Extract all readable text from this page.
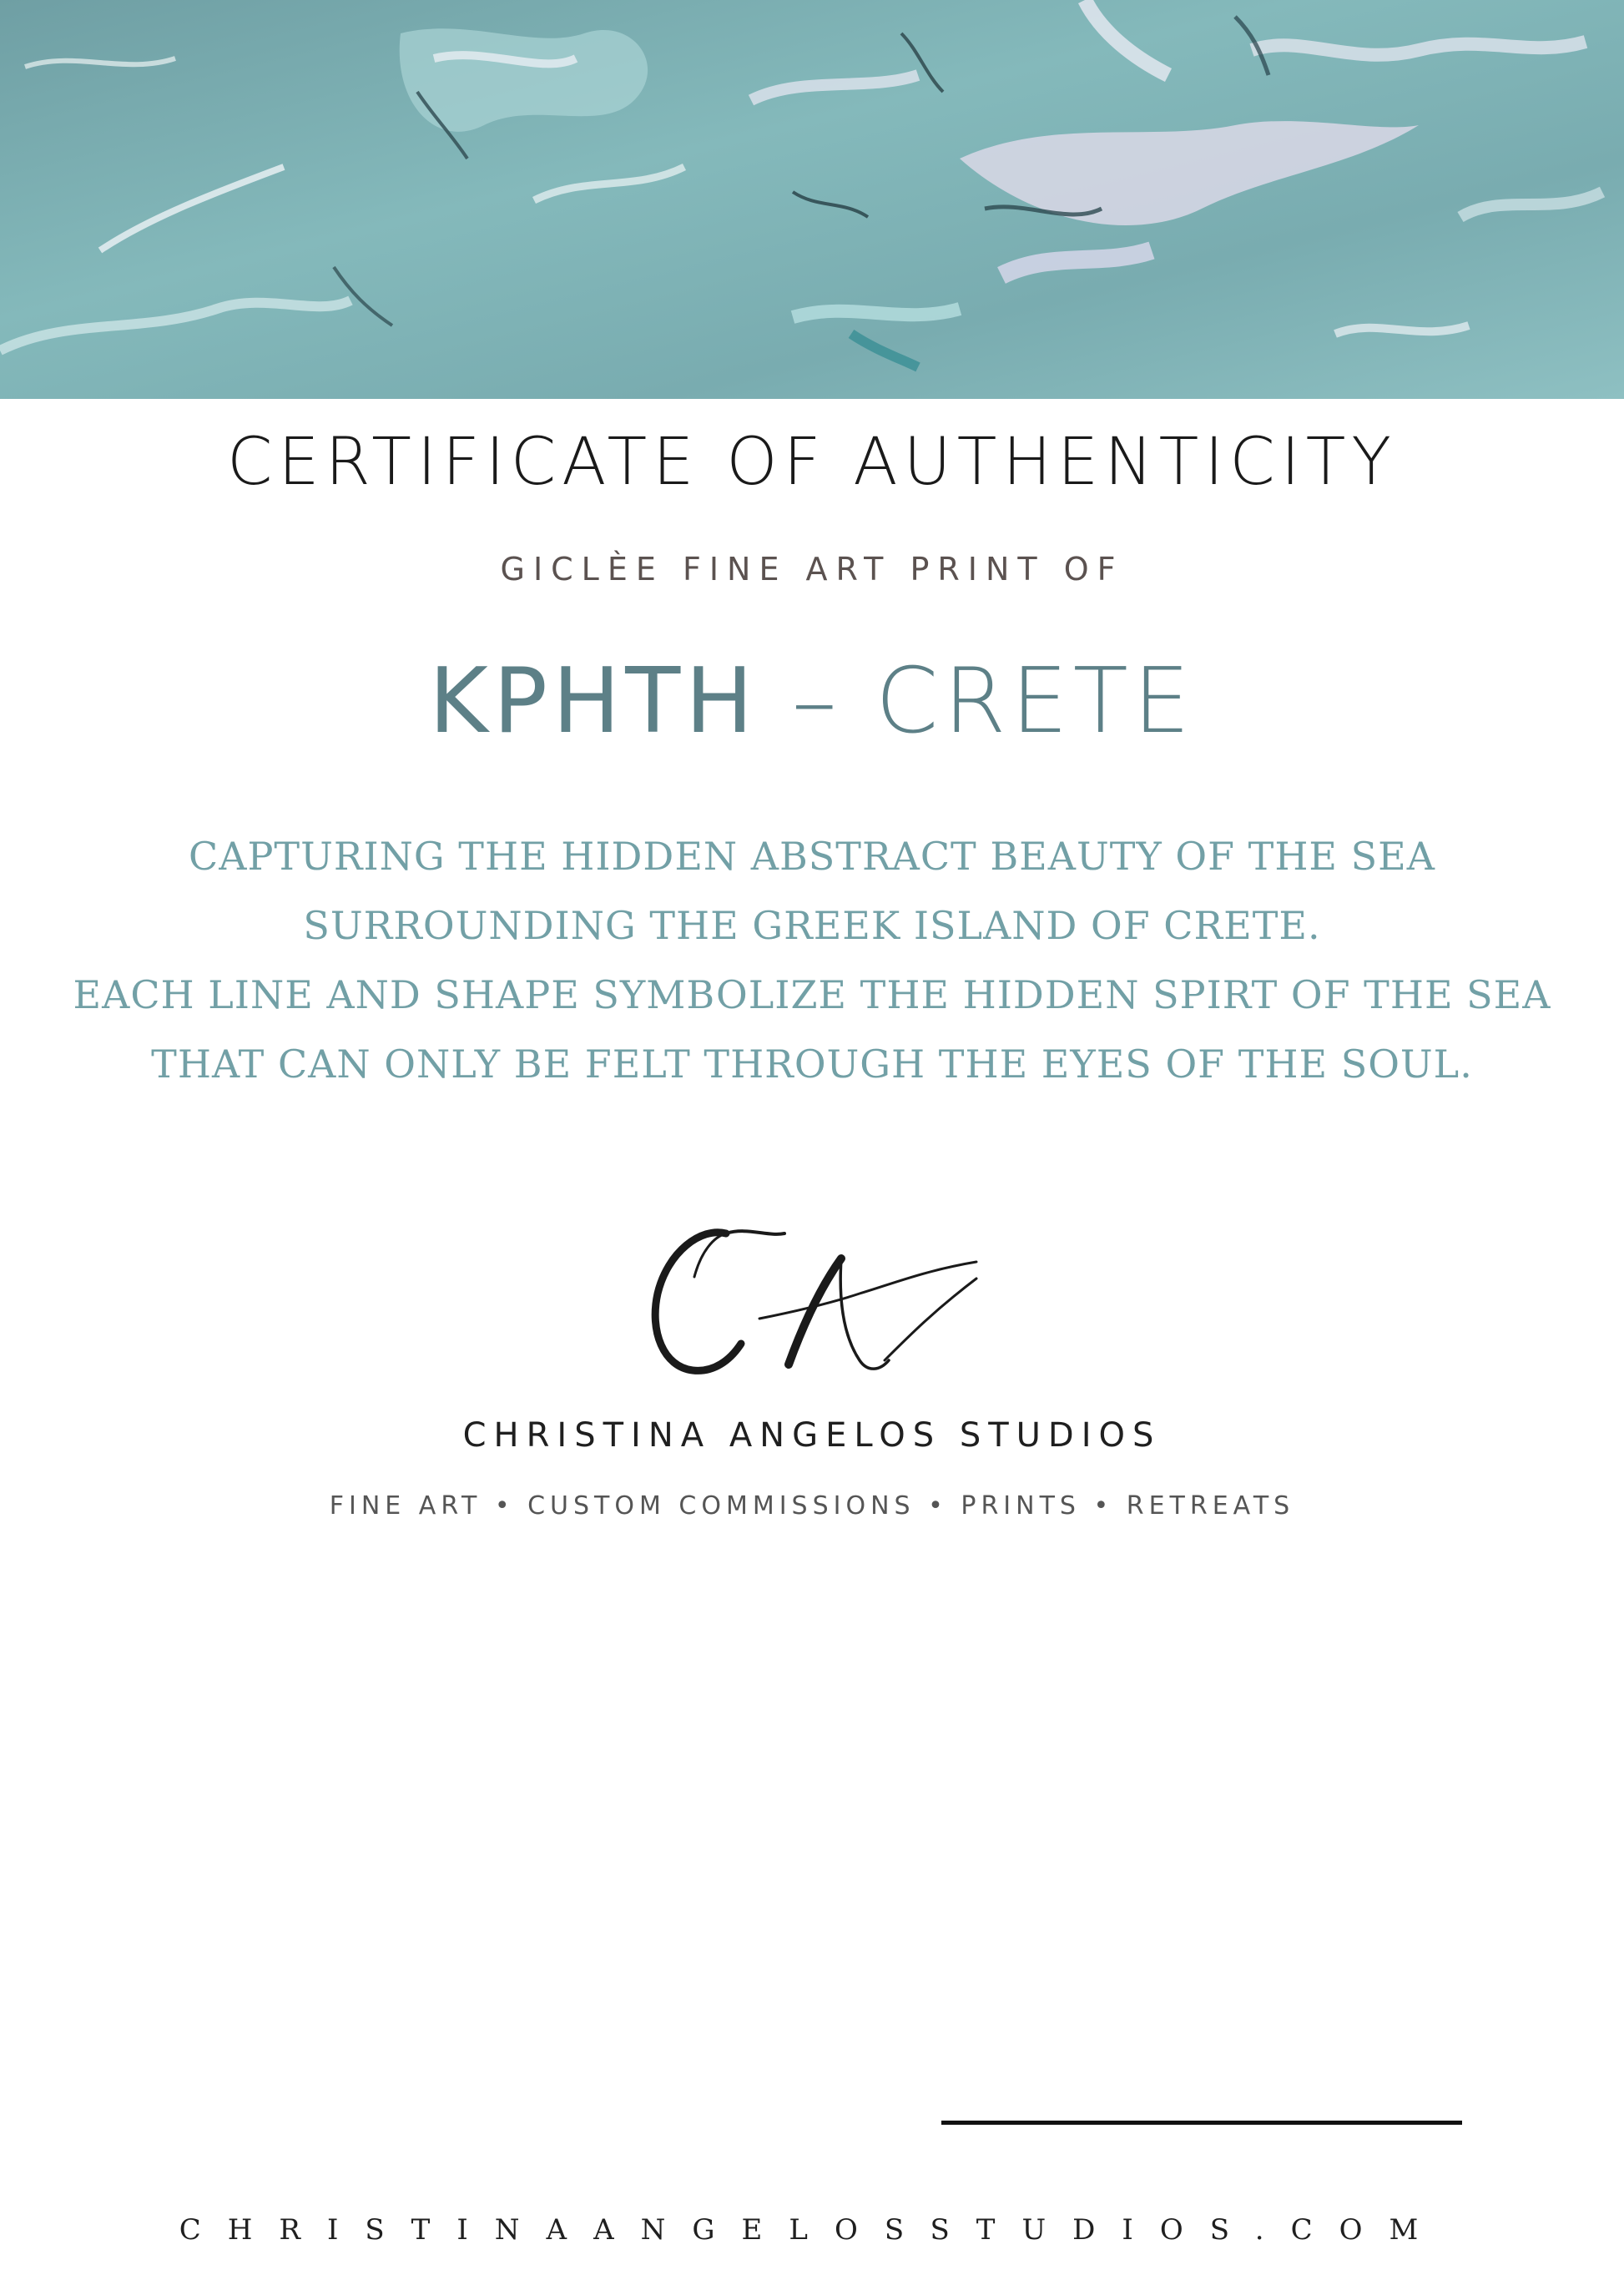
CERTIFICATE OF AUTHENTICITY
GICLÈE FINE ART PRINT OF
KPHTH – CRETE
CAPTURING THE HIDDEN ABSTRACT BEAUTY OF THE SEA
SURROUNDING THE GREEK ISLAND OF CRETE.
EACH LINE AND SHAPE SYMBOLIZE THE HIDDEN SPIRT OF THE SEA
THAT CAN ONLY BE FELT THROUGH THE EYES OF THE SOUL.
CHRISTINA ANGELOS STUDIOS
FINE ART • CUSTOM COMMISSIONS • PRINTS • RETREATS
CHRISTINAANGELOSSTUDIOS.COM
